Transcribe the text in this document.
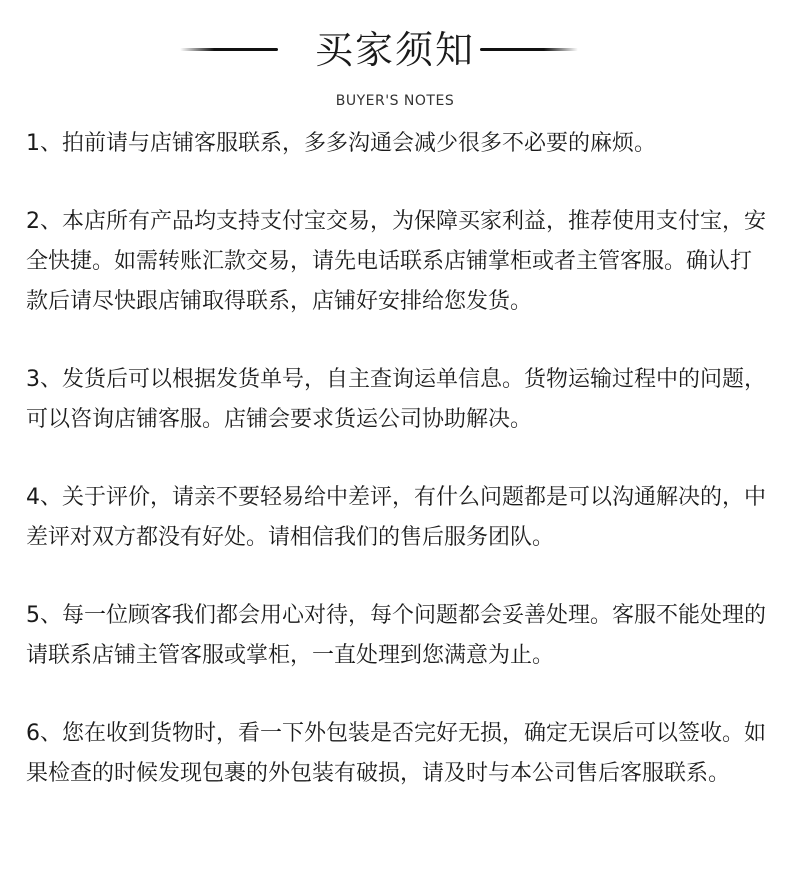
买家须知
BUYER'S NOTES
1、拍前请与店铺客服联系，多多沟通会减少很多不必要的麻烦。
2、本店所有产品均支持支付宝交易，为保障买家利益，推荐使用支付宝，安全快捷。如需转账汇款交易，请先电话联系店铺掌柜或者主管客服。确认打款后请尽快跟店铺取得联系，店铺好安排给您发货。
3、发货后可以根据发货单号，自主查询运单信息。货物运输过程中的问题，可以咨询店铺客服。店铺会要求货运公司协助解决。
4、关于评价，请亲不要轻易给中差评，有什么问题都是可以沟通解决的，中差评对双方都没有好处。请相信我们的售后服务团队。
5、每一位顾客我们都会用心对待，每个问题都会妥善处理。客服不能处理的请联系店铺主管客服或掌柜，一直处理到您满意为止。
6、您在收到货物时，看一下外包装是否完好无损，确定无误后可以签收。如果检查的时候发现包裹的外包装有破损，请及时与本公司售后客服联系。
